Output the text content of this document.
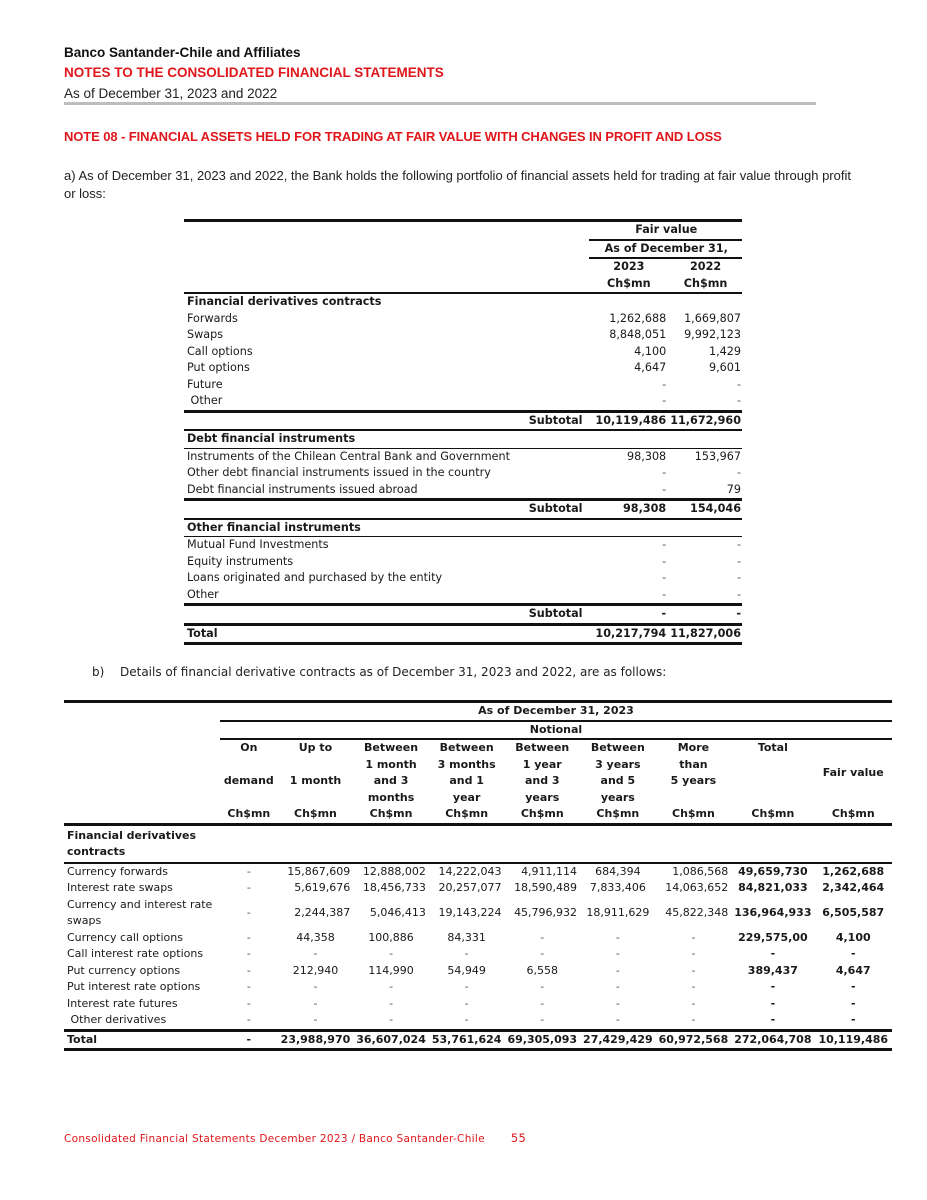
Banco Santander-Chile and Affiliates
NOTES TO THE CONSOLIDATED FINANCIAL STATEMENTS
As of December 31, 2023 and 2022
NOTE 08 - FINANCIAL ASSETS HELD FOR TRADING AT FAIR VALUE WITH CHANGES IN PROFIT AND LOSS
a) As of December 31, 2023 and 2022, the Bank holds the following portfolio of financial assets held for trading at fair value through profit or loss:
		Fair value	
		As of December 31,	
		2023	2022
		Ch$mn	Ch$mn
Financial derivatives contracts			
Forwards		1,262,688	1,669,807
Swaps		8,848,051	9,992,123
Call options		4,100	1,429
Put options		4,647	9,601
Future		-	-
Other		-	-
	Subtotal	10,119,486	11,672,960
Debt financial instruments			
Instruments of the Chilean Central Bank and Government		98,308	153,967
Other debt financial instruments issued in the country		-	-
Debt financial instruments issued abroad		-	79
	Subtotal	98,308	154,046
Other financial instruments			
Mutual Fund Investments		-	-
Equity instruments		-	-
Loans originated and purchased by the entity		-	-
Other		-	-
	Subtotal	-	-
Total		10,217,794	11,827,006
b) Details of financial derivative contracts as of December 31, 2023 and 2022, are as follows:
	As of December 31, 2023								
	Notional								
	On	Up to	Between	Between	Between	Between	More	Total	Fair value
			1 month	3 months	1 year	3 years	than		
	demand	1 month	and 3	and 1	and 3	and 5	5 years		
			months	year	years	years			
	Ch$mn	Ch$mn	Ch$mn	Ch$mn	Ch$mn	Ch$mn	Ch$mn	Ch$mn	Ch$mn
Financial derivatives contracts									
Currency forwards	-	15,867,609	12,888,002	14,222,043	4,911,114	684,394	1,086,568	49,659,730	1,262,688
Interest rate swaps	-	5,619,676	18,456,733	20,257,077	18,590,489	7,833,406	14,063,652	84,821,033	2,342,464
Currency and interest rate swaps	-	2,244,387	5,046,413	19,143,224	45,796,932	18,911,629	45,822,348	136,964,933	6,505,587
Currency call options	-	44,358	100,886	84,331	-	-	-	229,575,00	4,100
Call interest rate options	-	-	-	-	-	-	-	-	-
Put currency options	-	212,940	114,990	54,949	6,558	-	-	389,437	4,647
Put interest rate options	-	-	-	-	-	-	-	-	-
Interest rate futures	-	-	-	-	-	-	-	-	-
Other derivatives	-	-	-	-	-	-	-	-	-
Total	-	23,988,970	36,607,024	53,761,624	69,305,093	27,429,429	60,972,568	272,064,708	10,119,486
Consolidated Financial Statements December 2023 / Banco Santander-Chile 55
